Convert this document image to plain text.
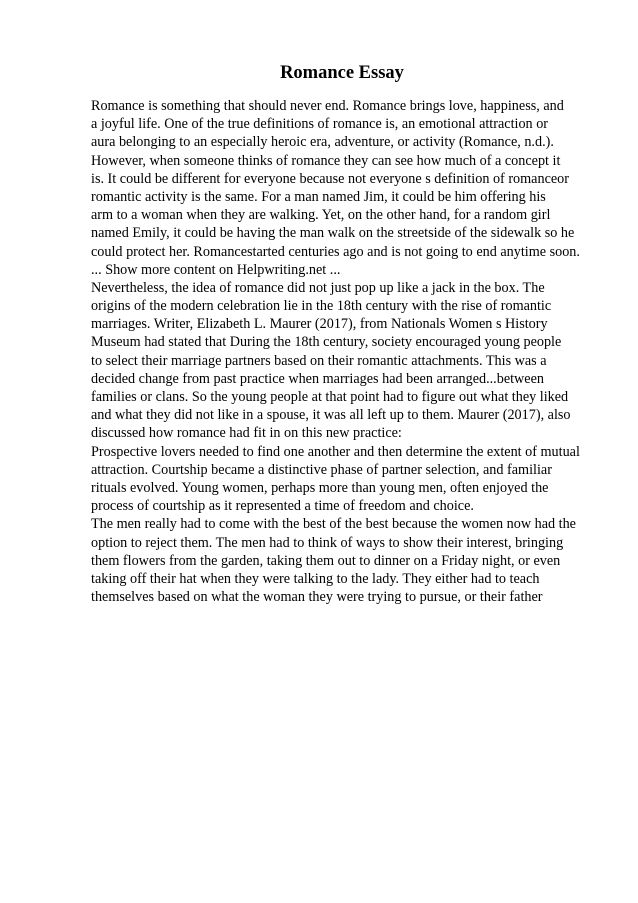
Romance Essay
Romance is something that should never end. Romance brings love, happiness, and
a joyful life. One of the true definitions of romance is, an emotional attraction or
aura belonging to an especially heroic era, adventure, or activity (Romance, n.d.).
However, when someone thinks of romance they can see how much of a concept it
is. It could be different for everyone because not everyone s definition of romanceor
romantic activity is the same. For a man named Jim, it could be him offering his
arm to a woman when they are walking. Yet, on the other hand, for a random girl
named Emily, it could be having the man walk on the streetside of the sidewalk so he
could protect her. Romancestarted centuries ago and is not going to end anytime soon.
... Show more content on Helpwriting.net ...
Nevertheless, the idea of romance did not just pop up like a jack in the box. The
origins of the modern celebration lie in the 18th century with the rise of romantic
marriages. Writer, Elizabeth L. Maurer (2017), from Nationals Women s History
Museum had stated that During the 18th century, society encouraged young people
to select their marriage partners based on their romantic attachments. This was a
decided change from past practice when marriages had been arranged...between
families or clans. So the young people at that point had to figure out what they liked
and what they did not like in a spouse, it was all left up to them. Maurer (2017), also
discussed how romance had fit in on this new practice:
Prospective lovers needed to find one another and then determine the extent of mutual
attraction. Courtship became a distinctive phase of partner selection, and familiar
rituals evolved. Young women, perhaps more than young men, often enjoyed the
process of courtship as it represented a time of freedom and choice.
The men really had to come with the best of the best because the women now had the
option to reject them. The men had to think of ways to show their interest, bringing
them flowers from the garden, taking them out to dinner on a Friday night, or even
taking off their hat when they were talking to the lady. They either had to teach
themselves based on what the woman they were trying to pursue, or their father
